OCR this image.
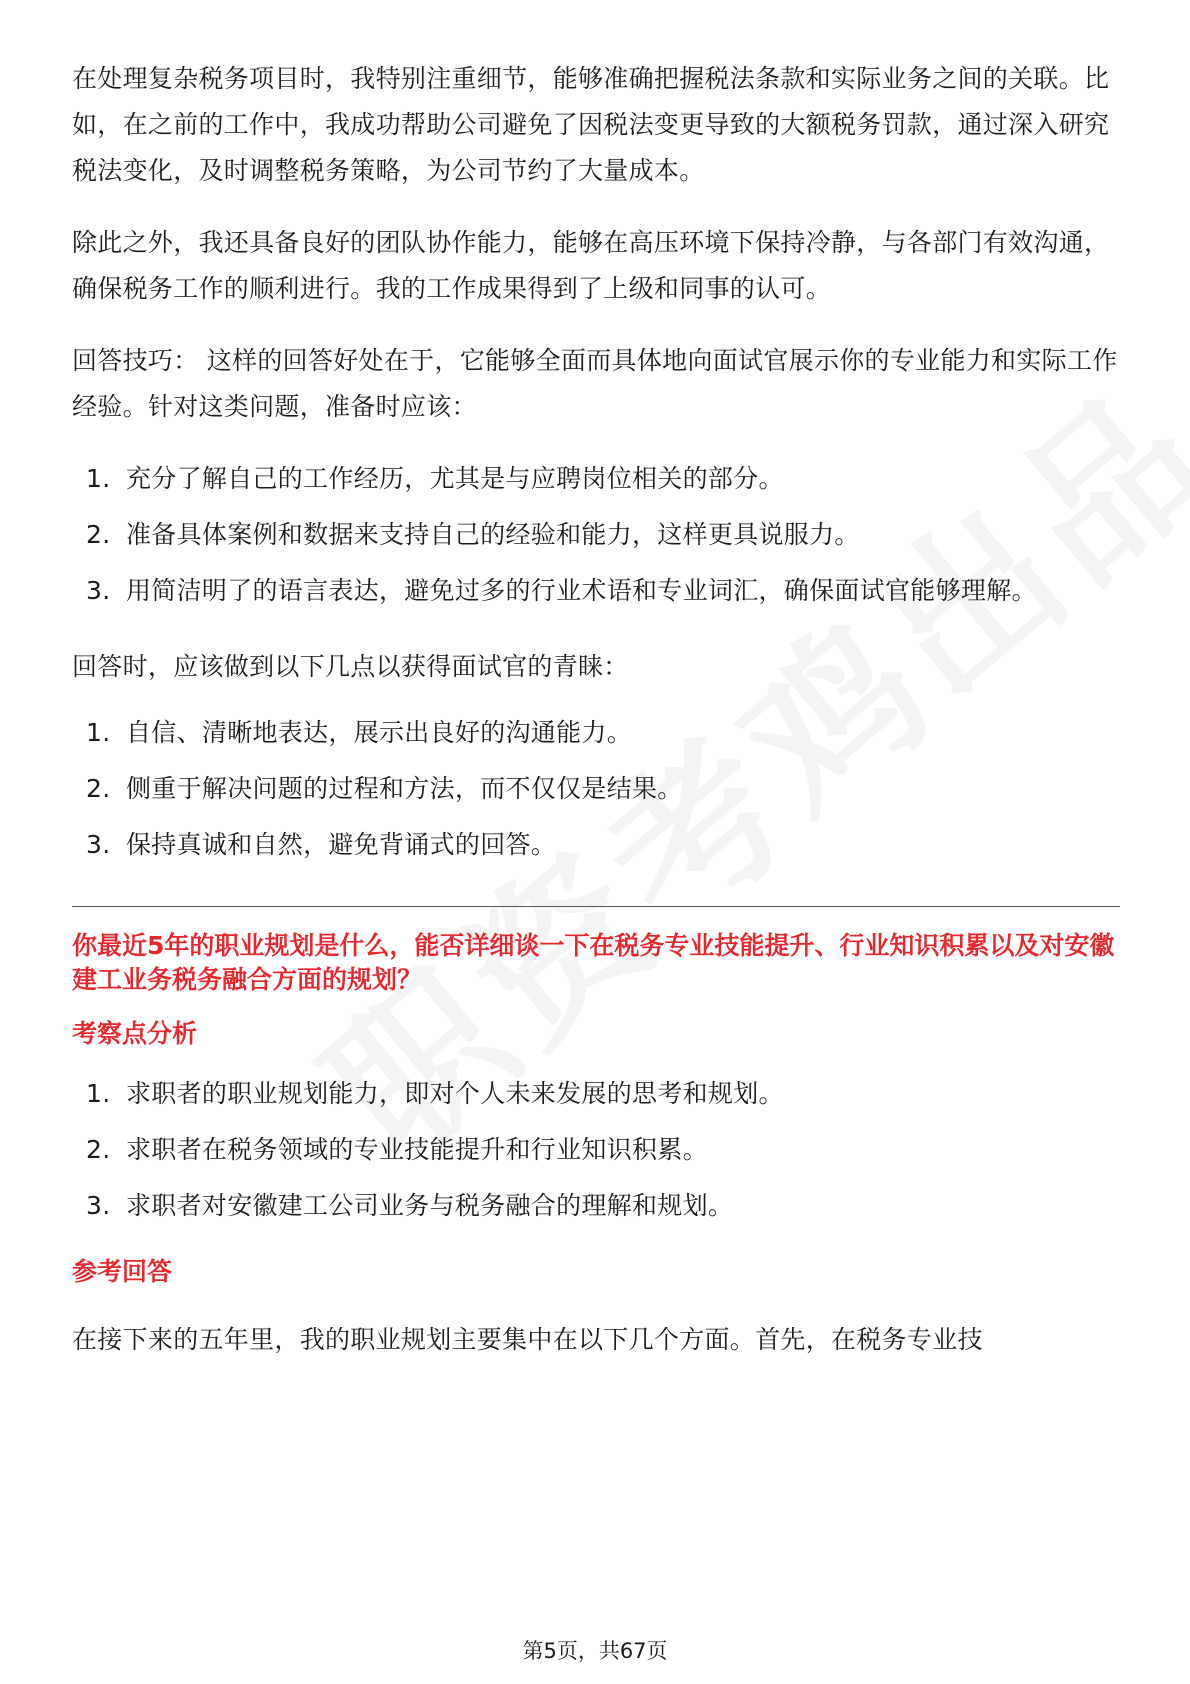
在处理复杂税务项目时，我特别注重细节，能够准确把握税法条款和实际业务之间的关联。比如，在之前的工作中，我成功帮助公司避免了因税法变更导致的大额税务罚款，通过深入研究税法变化，及时调整税务策略，为公司节约了大量成本。

除此之外，我还具备良好的团队协作能力，能够在高压环境下保持冷静，与各部门有效沟通，确保税务工作的顺利进行。我的工作成果得到了上级和同事的认可。

回答技巧： 这样的回答好处在于，它能够全面而具体地向面试官展示你的专业能力和实际工作经验。针对这类问题，准备时应该：

1. 充分了解自己的工作经历，尤其是与应聘岗位相关的部分。
2. 准备具体案例和数据来支持自己的经验和能力，这样更具说服力。
3. 用简洁明了的语言表达，避免过多的行业术语和专业词汇，确保面试官能够理解。

回答时，应该做到以下几点以获得面试官的青睐：

1. 自信、清晰地表达，展示出良好的沟通能力。
2. 侧重于解决问题的过程和方法，而不仅仅是结果。
3. 保持真诚和自然，避免背诵式的回答。

你最近5年的职业规划是什么，能否详细谈一下在税务专业技能提升、行业知识积累以及对安徽建工业务税务融合方面的规划？

考察点分析

1. 求职者的职业规划能力，即对个人未来发展的思考和规划。
2. 求职者在税务领域的专业技能提升和行业知识积累。
3. 求职者对安徽建工公司业务与税务融合的理解和规划。

参考回答

在接下来的五年里，我的职业规划主要集中在以下几个方面。首先，在税务专业技

第5页，共67页
